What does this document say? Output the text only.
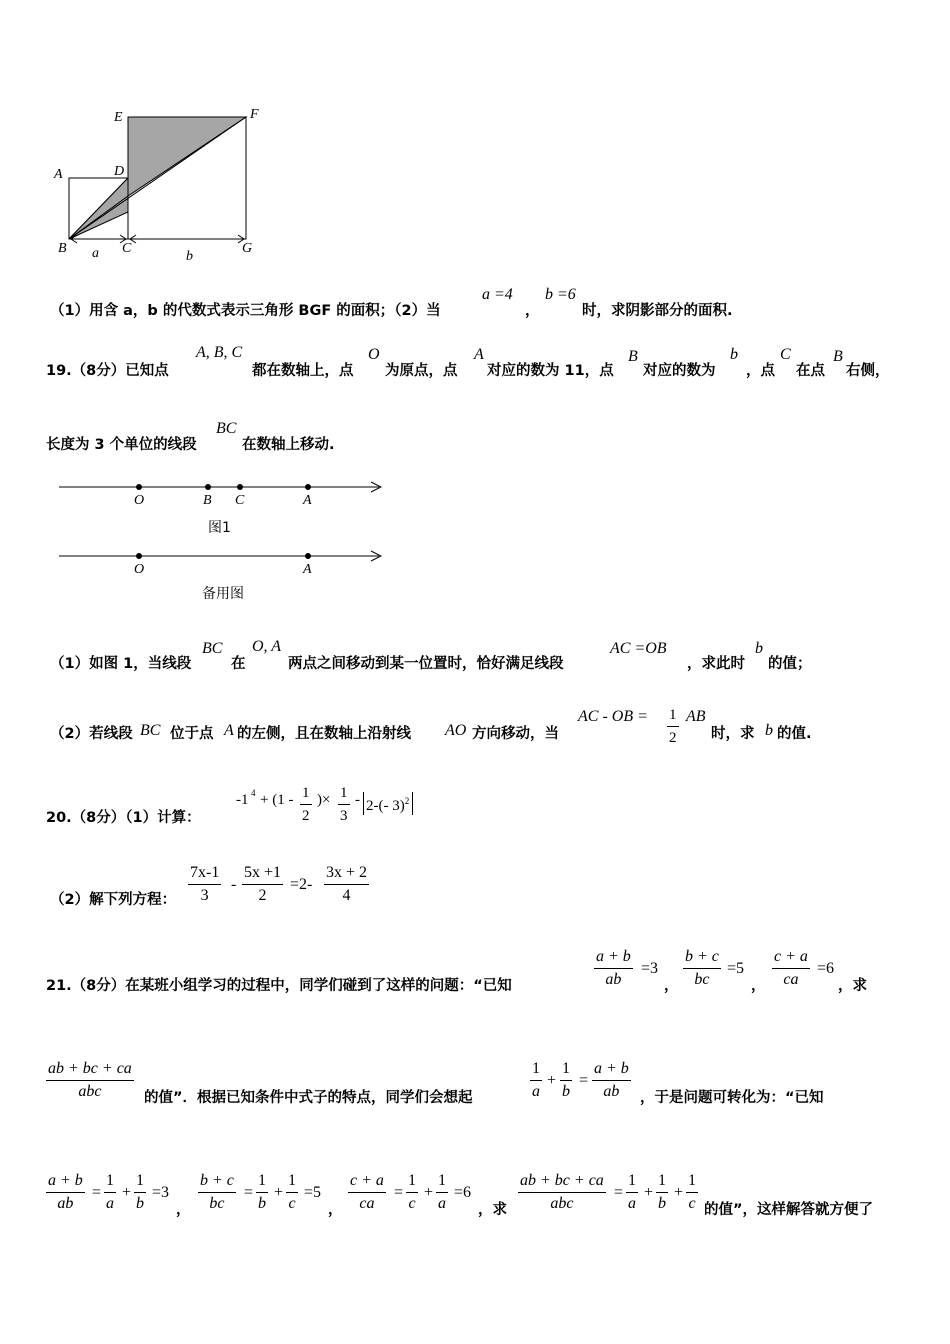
E	F
A	D
B	C	G
a	b
（1）用含 a，b 的代数式表示三角形 BGF 的面积；（2）当
a =4
，
b =6
时，求阴影部分的面积.
19.（8分）已知点
A, B, C
都在数轴上，点
O
为原点，点
A
对应的数为 11，点
B
对应的数为
b
，点
C
在点
B
右侧，
长度为 3 个单位的线段
BC
在数轴上移动.
O	B C	A
图1
O	A
备用图
（1）如图 1，当线段
BC
在
O, A
两点之间移动到某一位置时，恰好满足线段
AC =OB
，求此时
b
的值；
（2）若线段 BC 位于点 A 的左侧，且在数轴上沿射线 AO 方向移动，当
AC - OB = $\frac{1}{2}$ AB
时，求 b 的值.
20.（8分）（1）计算：
-1 $4 + (1 - \frac{1}{2}$ )× $\frac{1}{3} - 2-(-$ 3)$^2$
（2）解下列方程： $\frac{7x-1}{3} - \frac{5x +1}{2} =2- \frac{3x + 2}{4}$
21.（8分）在某班小组学习的过程中，同学们碰到了这样的问题：“已知	$\frac{a + b}{ab} =3$
， $\frac{b + c}{bc} =5$
， $\frac{c + a}{ca} =6$
，求
ab + bc + ca
abc	的值”．根据已知条件中式子的特点，同学们会想起	$\frac{1}{a} + \frac{1}{b} = \frac{a + b}{ab}$ ，于是问题可转化为：“已知
$\frac{a + b}{ab} = \frac{1}{a} + \frac{1}{b} =3$
， $\frac{b + c}{bc} = \frac{1}{b} + \frac{1}{c} =5$
， $\frac{c + a}{ca} = \frac{1}{c} + \frac{1}{a} =6$
，求
ab + bc + ca
abc
= $\frac{1}{a} + \frac{1}{b} + \frac{1}{c}$ 的值”，这样解答就方便了
